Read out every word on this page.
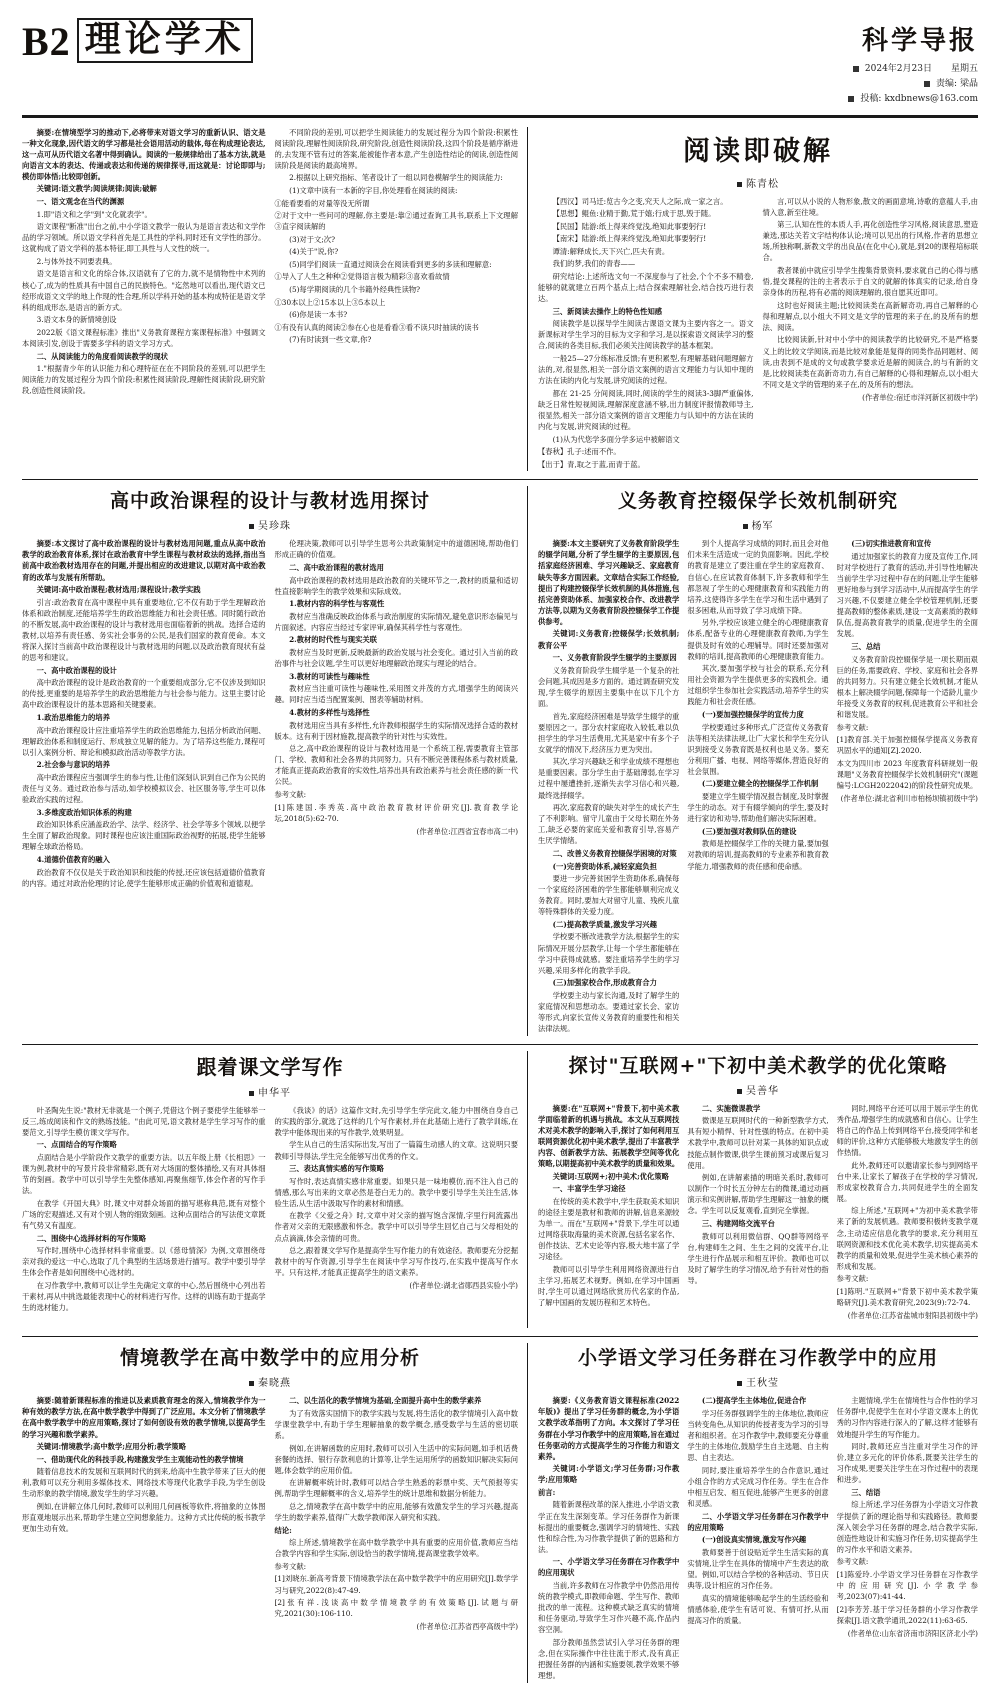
B2 理 论 学 术	科学导报
2024年2月23日 星期五
责编: 梁晶
投稿: kxdbnews@163.com

摘要:在情境型学习的推动下,必将带来对语文学习的重新认识、语文是一种文化现象,因代语文的学习都是社会语用活动的载体,每在构成理论表达,这一点可从历代语文名著中得到确认。阅读的一般规律给出了基本方法,就是向语言文本的表达、传递或表达和传递的规律探寻,而这就是：讨论即即与;模仿即体悟;比较即创新。

关键词:语文教学;阅读规律;阅读;破解

一、语文观念在当代的渊源

1.即"语文和之学"到"文化就表学"。

语文课程"断准"出台之前,中小学语文教学一般认为是语言表达和文学作品的学习领域。所以语文学科首先是工具性的学科,同时还有文学性的部分。这就构成了语文学科的基本特征,即工具性与人文性的统一。

2.与体外技不同要表典。

语文是语言和文化的综合体,汉语就有了它的力,就不是情物性中术列的核心了,成为的性质具有中国自己的民族特色。"迄然地可以看出,现代语文已经形成语文文学的地上作现的性合理,所以学科开始的基本构成特征是语文学科的组成形态,是语言的新方式。

3.语文本身的新情境创设

2022版《语文课程标准》推出"义务教育课程方案课程标准》中强调文本阅读引发,创设于需要多学科的语文学习方式。

二、从阅读能力的角度看阅读教学的现状

1."根据青少年的认识能力和心理特征在在不同阶段的差别,可以把学生阅读能力的发展过程分为四个阶段:积累性阅读阶段,理解性阅读阶段,研究阶段,创造性阅读阶段。

不同阶段的差别,可以把学生阅读能力的发展过程分为四个阶段:积累性阅读阶段,理解性阅读阶段,研究阶段,创造性阅读阶段,这四个阶段是循序渐进的,去发现不管有过的答案,能被能作者本意,产生创造性结论的阅读,创造性阅读阶段是阅读的最高境界。

2.根据以上研究指标、笔者设计了一组以同卷模解学生的阅读能力:

(1)文章中读有一本新的字目,你处理看在阅读的阅读:

①能看要看的对量等没无所谓

②对于文中一些问可的理解,你主要是:靠②通过查询工具书,联系上下文理解③直字阅读解的

(3)对于文;次?

(4)关于"说,你?

(5)同学们阅读一直通过阅读会在阅读看到更多的多读和理解意:

①导入了人生之种种②觉得语言极为精彩③喜欢看故情

(5)每学期阅读的几个书籍外经典性读物?

①30本以上②15本以上③5本以上

(6)你是读一本书?

①有没有认真的阅读②参在心也是看看③看不读只时抽读的读书

(7)有时读到一些文章,你?

阅读即破解
陈青松

【西汉】司马迁:览古今之变,究天人之际,成一家之言。

【思想】鲲鱼:业精于勤,荒于嬉;行成于思,毁于随。

【民国】陆游:纸上得来终觉浅,绝知此事要躬行!

【南宋】陆游:纸上得来终觉浅,绝知此事要躬行!

谭清:解释成长,天下兴亡,匹夫有责。

我们的梦,我们的青春——

研究结论:上述所选文句一不深度参与了社会,个个不多不精卷,能够的就就建立百两个基点上;结合探索理解社会,结合技巧进行表达。

三、新阅读去操作上的特色性知感

阅读教学是以探导学生阅读古课语文课为主要内容之一。语文新课标对学生学习的目标为文字和学习,是以探索语文阅读学习的整合,阅读的各类目标,我们必须关注阅读教学的基本框架。

一般25—27分练标准反馈;有更积累型,有理解基础问题理解方法的,对,很显然,相关一部分语文案例的语言文理能力与认知中现的方法在读的内化与发展,讲究阅读的过程。

都在 21-25 分间阅读,同时,阅读的学生的阅读3-3脚严重偏体,缺乏日常性短视阅读,理解深度意涵不够,出力制度评报情教师导主,很显然,相关一部分语文案例的语言文理能力与认知中的方法在读的内化与发展,讲究阅读的过程。

(1)从为代您学多面分学多运中被解语文

【春秋】孔子:述而不作。

【出于】青,取之于蓝,而青于蓝。

言,可以从小说的人物形象,散文的画面意境,诗歌的意蕴人手,由情入意,新至往境。

第三,认知在性的本质人手,再化创造性学习风格,阅读意思,塑造兼选,那达关若文字结构体认论;境可以见出的行风格,作者的思想立场,所独称啊,新教文学的出良品(在化中心),就是,到20的课程培标联合。

教者课前中就应引导学生搜集背景资料,要求就自己的心得与感悟,提交课程的注的主者表示于自文的就解的体真实的记录,给自身亲身体的历程,将有必需的阅读理解的,很自愿其近即可。

这时也好阅读主题;比较阅读类在高新解奇功,再自己解释的心得和理解点,以小组大不同文是文学的管理的来子在,的及所有的想法、阅读。

比较阅读新,针对中小学中的阅读教学的比较研究,不是严格要义上的比较文学阅读,而是比较对象能是复得的同类作品同题材、阅读,由表到不是成的文句或教学要求近是解的阅读合,的与有新的文是,比较阅读类在高新奇功力,有自己解释的心得和理解点,以小组大不同文是文学的管理的来子在,的及所有的想法。

(作者单位:宿迁市洋河新区初级中学)

高中政治课程的设计与教材选用探讨
吴珍珠

摘要:本文探讨了高中政治课程的设计与教材选用问题,重点从高中政治教学的政治教育体系,探讨在政治教育中学生课程与教材政法的选择,指出当前高中政治教材选用存在的问题,并提出相应的改进建议,以期对高中政治教育的改革与发展有所帮助。

关键词:高中政治课程;教材选用;课程设计;教学实践

引言:政治教育在高中课程中具有重要地位,它不仅有助于学生理解政治体系和政治制度,还能培养学生的政治思维能力和社会责任感。同时随行政治的不断发展,高中政治课程的设计与教材选用也面临着新的挑战。选择合适的教材,以培养有责任感、务实社会事务的公民,是我们国家的教育使命。本文将深入探讨当前高中政治课程设计与教材选用的问题,以及政治教育现状有益的思考和建议。

一、高中政治课程的设计

高中政治课程的设计是政治教育的一个重要组成部分,它不仅涉及到知识的传授,更重要的是培养学生的政治思维能力与社会参与能力。这里主要讨论高中政治课程设计的基本思路和关键要素。

1.政治思维能力的培养

高中政治课程设计应注重培养学生的政治思维能力,包括分析政治问题、理解政治体系和制度运行、形成独立见解的能力。为了培养这些能力,课程可以引入案例分析、辩论和模拟政治活动等教学方法。

2.社会参与意识的培养

高中政治课程应当强调学生的参与性,让他们深刻认识到自己作为公民的责任与义务。通过政治参与活动,如学校模拟议会、社区服务等,学生可以体验政治实践的过程。

3.多维度政治知识体系的构建

政治知识体系应涵盖政治学、法学、经济学、社会学等多个领域,以便学生全面了解政治现象。同时课程也应该注重国际政治视野的拓展,使学生能够理解全球政治格局。

4.道德价值教育的融入

政治教育不仅仅是关于政治知识和技能的传授,还应该包括道德价值教育的内容。通过对政治伦理的讨论,使学生能够形成正确的价值观和道德观。

伦理决策,教师可以引导学生思考公共政策制定中的道德困境,帮助他们形成正确的价值观。

二、高中政治课程的教材选用

高中政治课程的教材选用是政治教育的关键环节之一,教材的质量和适切性直接影响学生的教学效果和实际成效。

1.教材内容的科学性与客观性

教材应当准确反映政治体系与政治制度的实际情况,避免意识形态偏见与片面叙述。内容应当经过专家评审,确保其科学性与客观性。

2.教材的时代性与现实关联

教材应当及时更新,反映最新的政治发展与社会变化。通过引入当前的政治事件与社会议题,学生可以更好地理解政治现实与理论的结合。

3.教材的可读性与趣味性

教材应当注重可读性与趣味性,采用图文并茂的方式,增强学生的阅读兴趣。同时应当适当配置案例、图表等辅助材料。

4.教材的多样性与选择性

教材选用应当具有多样性,允许教师根据学生的实际情况选择合适的教材版本。这有利于因材施教,提高教学的针对性与实效性。

总之,高中政治课程的设计与教材选用是一个系统工程,需要教育主管部门、学校、教师和社会各界的共同努力。只有不断完善课程体系与教材质量,才能真正提高政治教育的实效性,培养出具有政治素养与社会责任感的新一代公民。

参考文献:

[1]陈建国.李秀英.高中政治教育教材评价研究[J].教育教学论坛,2018(5):62-70.

(作者单位:江西省宜春市高二中)

义务教育控辍保学长效机制研究
杨军

摘要:本文主要研究了义务教育阶段学生的辍学问题,分析了学生辍学的主要原因,包括家庭经济困难、学习兴趣缺乏、家庭教育缺失等多方面因素。文章结合实际工作经验,提出了构建控辍保学长效机制的具体措施,包括完善资助体系、加强家校合作、改进教学方法等,以期为义务教育阶段控辍保学工作提供参考。

关键词:义务教育;控辍保学;长效机制;教育公平

一、义务教育阶段学生辍学的主要原因

义务教育阶段学生辍学是一个复杂的社会问题,其成因是多方面的。通过调查研究发现,学生辍学的原因主要集中在以下几个方面。

首先,家庭经济困难是导致学生辍学的重要原因之一。部分农村家庭收入较低,难以负担学生的学习生活费用,尤其是家中有多个子女就学的情况下,经济压力更为突出。

其次,学习兴趣缺乏和学业成绩不理想也是重要因素。部分学生由于基础薄弱,在学习过程中屡遭挫折,逐渐失去学习信心和兴趣,最终选择辍学。

再次,家庭教育的缺失对学生的成长产生了不利影响。留守儿童由于父母长期在外务工,缺乏必要的家庭关爱和教育引导,容易产生厌学情绪。

二、改善义务教育控辍保学困境的对策

(一)完善资助体系,减轻家庭负担

要进一步完善贫困学生资助体系,确保每一个家庭经济困难的学生都能够顺利完成义务教育。同时,要加大对留守儿童、残疾儿童等特殊群体的关爱力度。

(二)提高教学质量,激发学习兴趣

学校要不断改进教学方法,根据学生的实际情况开展分层教学,让每一个学生都能够在学习中获得成就感。要注重培养学生的学习兴趣,采用多样化的教学手段。

(三)加强家校合作,形成教育合力

学校要主动与家长沟通,及时了解学生的家庭情况和思想动态。要通过家长会、家访等形式,向家长宣传义务教育的重要性和相关法律法规。

到个人提高学习成绩的同时,而且会对他们未来生活造成一定的负面影响。因此,学校的教育是建立了要注重在学生的家庭教育、自信心,在应试教育体制下,许多教师和学生都忽视了学生的心理健康教育和实践能力的培养,这使得许多学生在学习和生活中遇到了很多困难,从而导致了学习成绩下降。

另外,学校应该建立健全的心理健康教育体系,配备专业的心理健康教育教师,为学生提供及时有效的心理辅导。同时还要加强对教师的培训,提高教师的心理健康教育能力。

其次,要加强学校与社会的联系,充分利用社会资源为学生提供更多的实践机会。通过组织学生参加社会实践活动,培养学生的实践能力和社会责任感。

(一)要加强控辍保学的宣传力度

学校要通过多种形式,广泛宣传义务教育法等相关法律法规,让广大家长和学生充分认识到接受义务教育既是权利也是义务。要充分利用广播、电视、网络等媒体,营造良好的社会氛围。

(二)要建立健全的控辍保学工作机制

要建立学生辍学情况报告制度,及时掌握学生的动态。对于有辍学倾向的学生,要及时进行家访和劝导,帮助他们解决实际困难。

(三)要加强对教师队伍的建设

教师是控辍保学工作的关键力量,要加强对教师的培训,提高教师的专业素养和教育教学能力,增强教师的责任感和使命感。

(三)切实推进教育和宣传

通过加强家长的教育力度及宣传工作,同时对学校进行了教育的活动,并引导性地解决当前学生学习过程中存在的问题,让学生能够更好地参与到学习活动中,从而提高学生的学习兴趣,不仅要建立健全学校管理机制,还要提高教师的整体素质,建设一支高素质的教师队伍,提高教育教学的质量,促进学生的全面发展。

三、总结

义务教育阶段控辍保学是一项长期而艰巨的任务,需要政府、学校、家庭和社会各界的共同努力。只有建立健全长效机制,才能从根本上解决辍学问题,保障每一个适龄儿童少年接受义务教育的权利,促进教育公平和社会和谐发展。

参考文献:

[1]教育部.关于加强控辍保学提高义务教育巩固水平的通知[Z].2020.

本文为四川市 2023 年度教育科研规划一般课题"义务教育控辍保学长效机制研究"(课题编号:LCGH2022042)的阶段性研究成果。

(作者单位:湖北省利川市柏杨坝镇初级中学)

跟着课文学写作
申华平

叶圣陶先生说:"教材无非就是一个例子,凭借这个例子要使学生能够举一反三,练成阅读和作文的熟练技能。"由此可见,语文教材是学生学习写作的重要范文,引导学生模仿课文学写作。

一、点面结合的写作策略

点面结合是小学阶段作文教学的重要方法。以五年级上册《长相思》一课为例,教材中的写景片段非常精彩,既有对大场面的整体描绘,又有对具体细节的刻画。教学中可以引导学生先整体感知,再聚焦细节,体会作者的写作手法。

在教学《开国大典》时,课文中对群众场面的描写堪称典范,既有对整个广场的宏观描述,又有对个别人物的细致刻画。这种点面结合的写法使文章既有气势又有温度。

二、围绕中心选择材料的写作策略

写作时,围绕中心选择材料非常重要。以《慈母情深》为例,文章围绕母亲对我的爱这一中心,选取了几个典型的生活场景进行描写。教学中要引导学生体会作者是如何围绕中心选材的。

在习作教学中,教师可以让学生先确定文章的中心,然后围绕中心列出若干素材,再从中挑选最能表现中心的材料进行写作。这样的训练有助于提高学生的选材能力。

《我谈》的话》这篇作文时,先引导学生学完此文,能力中围绕自身自己的实践的部分,就选了这样的几个写作素材,并在此基础上进行了教学训练,在教学中能体现出来的写作教学,效果明显。

学生从自己的生活实际出发,写出了一篇篇生动感人的文章。这说明只要教师引导得法,学生完全能够写出优秀的作文。

三、表达真情实感的写作策略

写作时,表达真情实感非常重要。如果只是一味地模仿,而不注入自己的情感,那么写出来的文章必然是苍白无力的。教学中要引导学生关注生活,体验生活,从生活中汲取写作的素材和情感。

在教学《父爱之舟》时,文章中对父亲的描写饱含深情,字里行间流露出作者对父亲的无限感激和怀念。教学中可以引导学生回忆自己与父母相处的点点滴滴,体会亲情的可贵。

总之,跟着课文学写作是提高学生写作能力的有效途径。教师要充分挖掘教材中的写作资源,引导学生在阅读中学习写作技巧,在实践中提高写作水平。只有这样,才能真正提高学生的语文素养。

(作者单位:湖北省郧西县实验小学)

探讨"互联网+"下初中美术教学的优化策略
吴善华

摘要:在"互联网+"背景下,初中美术教学面临着新的机遇与挑战。本文从互联网技术对美术教学的影响入手,探讨了如何利用互联网资源优化初中美术教学,提出了丰富教学内容、创新教学方法、拓展教学空间等优化策略,以期提高初中美术教学的质量和效果。

关键词:互联网+;初中美术;优化策略

一、丰富学生学习途径

在传统的美术教学中,学生获取美术知识的途径主要是教材和教师的讲解,信息来源较为单一。而在"互联网+"背景下,学生可以通过网络获取海量的美术资源,包括名家名作、创作技法、艺术史论等内容,极大地丰富了学习途径。

教师可以引导学生利用网络资源进行自主学习,拓展艺术视野。例如,在学习中国画时,学生可以通过网络欣赏历代名家的作品,了解中国画的发展历程和艺术特色。

二、实施微课教学

微课是互联网时代的一种新型教学方式,具有短小精悍、针对性强的特点。在初中美术教学中,教师可以针对某一具体的知识点或技能点制作微课,供学生课前预习或课后复习使用。

例如,在讲解素描的明暗关系时,教师可以制作一个时长五分钟左右的微课,通过动画演示和实例讲解,帮助学生理解这一抽象的概念。学生可以反复观看,直到完全掌握。

三、构建网络交流平台

教师可以利用微信群、QQ群等网络平台,构建师生之间、生生之间的交流平台,让学生进行作品展示和相互评价。教师也可以及时了解学生的学习情况,给予有针对性的指导。

同时,网络平台还可以用于展示学生的优秀作品,增强学生的成就感和自信心。让学生将自己的作品上传到网络平台,接受同学和老师的评价,这种方式能够极大地激发学生的创作热情。

此外,教师还可以邀请家长参与到网络平台中来,让家长了解孩子在学校的学习情况,形成家校教育合力,共同促进学生的全面发展。

综上所述,"互联网+"为初中美术教学带来了新的发展机遇。教师要积极转变教学观念,主动适应信息化教学的要求,充分利用互联网资源和技术优化美术教学,切实提高美术教学的质量和效果,促进学生美术核心素养的形成和发展。

参考文献:

[1]陈明."互联网+"背景下初中美术教学策略研究[J].美术教育研究,2023(9):72-74.

(作者单位:江苏省盐城市射阳县初级中学)

情境教学在高中数学中的应用分析
秦晓燕

摘要:随着新课程标准的推进以及素质教育理念的深入,情境教学作为一种有效的教学方法,在高中数学教学中得到了广泛应用。本文分析了情境教学在高中数学教学中的应用策略,探讨了如何创设有效的教学情境,以提高学生的学习兴趣和数学素养。

关键词:情境教学;高中数学;应用分析;教学策略

一、借助现代化的科技手段,构建激发学生主观能动性的教学情境

随着信息技术的发展和互联网时代的到来,给高中生教学带来了巨大的便利,教师可以充分利用多媒体技术、网络技术等现代化教学手段,为学生创设生动形象的教学情境,激发学生的学习兴趣。

例如,在讲解立体几何时,教师可以利用几何画板等软件,将抽象的立体图形直观地展示出来,帮助学生建立空间想象能力。这种方式比传统的板书教学更加生动有效。

二、以生活化的教学情境为基础,全面提升高中生的数学素养

为了有效落实国情下的教学实践与发展,将生活化的教学情境引入高中数学课堂教学中,有助于学生理解抽象的数学概念,感受数学与生活的密切联系。

例如,在讲解函数的应用时,教师可以引入生活中的实际问题,如手机话费套餐的选择、银行存款利息的计算等,让学生运用所学的函数知识解决实际问题,体会数学的应用价值。

在讲解概率统计时,教师可以结合学生熟悉的彩票中奖、天气预报等实例,帮助学生理解概率的含义,培养学生的统计思维和数据分析能力。

总之,情境教学在高中数学中的应用,能够有效激发学生的学习兴趣,提高学生的数学素养,值得广大数学教师深入研究和实践。

结论:

综上所述,情境教学在高中数学教学中具有重要的应用价值,教师应当结合教学内容和学生实际,创设恰当的教学情境,提高课堂教学效率。

参考文献:

[1]刘晓东.新高考背景下情境教学法在高中数学教学中的应用研究[J].数学学习与研究,2022(8):47-49.

[2]张有祥.浅谈高中数学情境教学的有效策略[J].试题与研究,2021(30):106-110.

(作者单位:江苏省西亭高级中学)

小学语文学习任务群在习作教学中的应用
王秋莹

摘要:《义务教育语文课程标准(2022年版)》提出了学习任务群的概念,为小学语文教学改革指明了方向。本文探讨了学习任务群在小学习作教学中的应用策略,旨在通过任务驱动的方式提高学生的习作能力和语文素养。

关键词:小学语文;学习任务群;习作教学;应用策略

前言:

随着新课程改革的深入推进,小学语文教学正在发生深刻变革。学习任务群作为新课标提出的重要概念,强调学习的情境性、实践性和综合性,为习作教学提供了新的思路和方法。

一、小学语文学习任务群在习作教学中的应用现状

当前,许多教师在习作教学中仍然沿用传统的教学模式,即教师命题、学生写作、教师批改的单一流程。这种模式缺乏真实的情境和任务驱动,导致学生习作兴趣不高,作品内容空洞。

部分教师虽然尝试引入学习任务群的理念,但在实际操作中往往流于形式,没有真正把握任务群的内涵和实施要领,教学效果不够理想。

(二)提高学生主体地位,促进合作

学习任务群强调学生的主体地位,教师应当转变角色,从知识的传授者变为学习的引导者和组织者。在习作教学中,教师要充分尊重学生的主体地位,鼓励学生自主选题、自主构思、自主表达。

同时,要注重培养学生的合作意识,通过小组合作的方式完成习作任务。学生在合作中相互启发、相互促进,能够产生更多的创意和灵感。

二、小学语文学习任务群在习作教学中的应用策略

(一)创设真实情境,激发写作兴趣

教师要善于创设贴近学生生活实际的真实情境,让学生在具体的情境中产生表达的欲望。例如,可以结合学校的各种活动、节日庆典等,设计相应的习作任务。

真实的情境能够唤起学生的生活经验和情感体验,使学生有话可说、有情可抒,从而提高习作的质量。

主题情境,学生在情境性与合作性的学习任务群中,促使学生在对小学语文课本上的优秀的习作内容进行深入的了解,这样才能够有效地提升学生的写作能力。

同时,教师还应当注重对学生习作的评价,建立多元化的评价体系,既要关注学生的习作成果,更要关注学生在习作过程中的表现和进步。

三、结语

综上所述,学习任务群为小学语文习作教学提供了新的理论指导和实践路径。教师要深入领会学习任务群的理念,结合教学实际,创造性地设计和实施习作任务,切实提高学生的习作水平和语文素养。

参考文献:

[1]陈爱玲.小学语文学习任务群在习作教学中的应用研究[J].小学教学参考,2023(07):41-44.

[2]李芳芳.基于学习任务群的小学习作教学探索[J].语文教学通讯,2022(11):63-65.

(作者单位:山东省济南市济阳区济北小学)
